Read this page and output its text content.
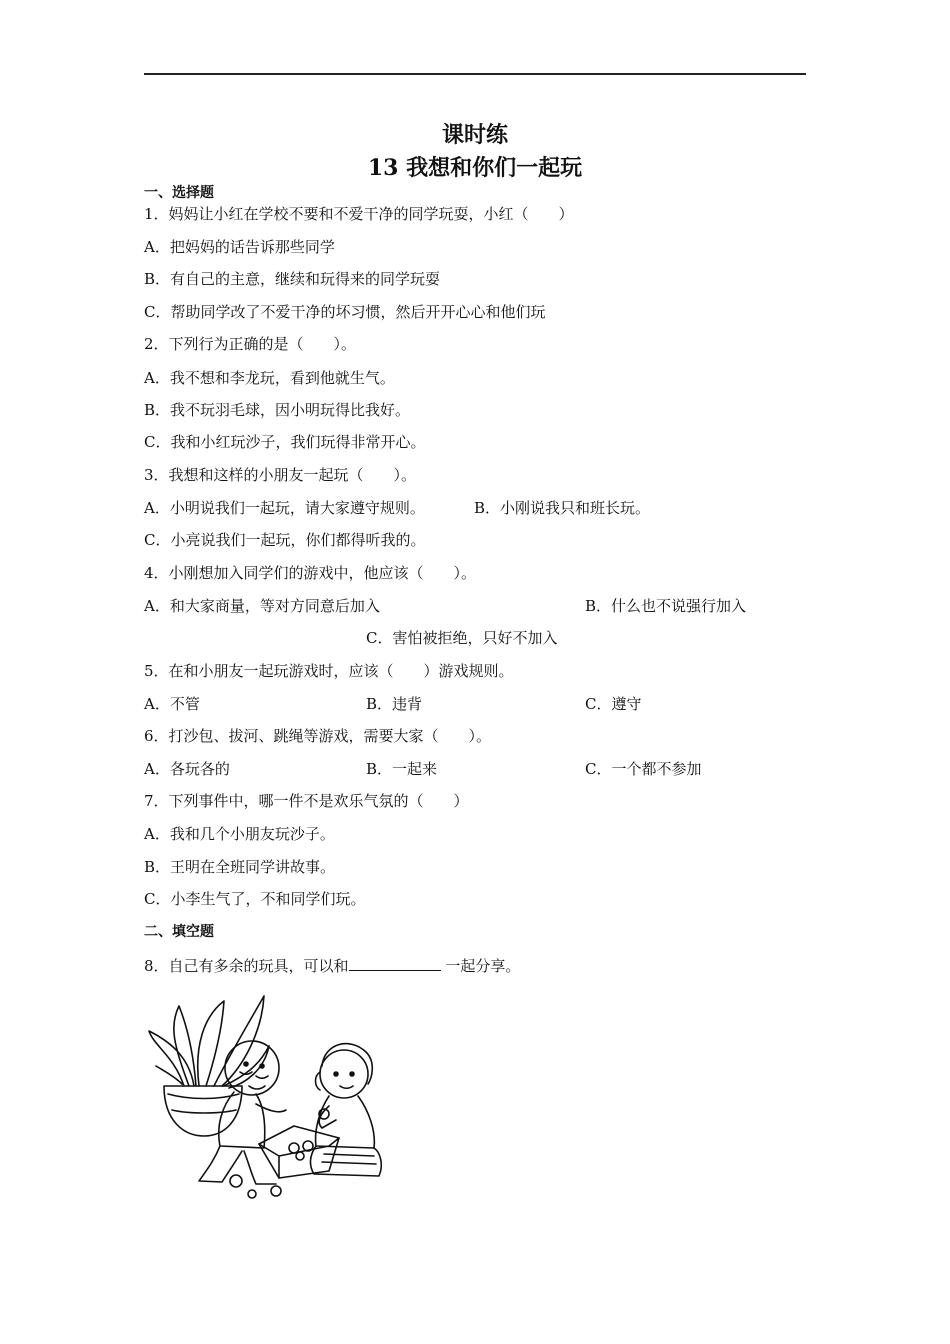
课时练
13 我想和你们一起玩
一、选择题
1．妈妈让小红在学校不要和不爱干净的同学玩耍，小红（　　）
A．把妈妈的话告诉那些同学
B．有自己的主意，继续和玩得来的同学玩耍
C．帮助同学改了不爱干净的坏习惯，然后开开心心和他们玩
2．下列行为正确的是（　　）。
A．我不想和李龙玩，看到他就生气。
B．我不玩羽毛球，因小明玩得比我好。
C．我和小红玩沙子，我们玩得非常开心。
3．我想和这样的小朋友一起玩（　　）。
A．小明说我们一起玩，请大家遵守规则。	B．小刚说我只和班长玩。
C．小亮说我们一起玩，你们都得听我的。
4．小刚想加入同学们的游戏中，他应该（　　）。
A．和大家商量，等对方同意后加入	B．什么也不说强行加入
C．害怕被拒绝，只好不加入
5．在和小朋友一起玩游戏时，应该（　　）游戏规则。
A．不管	B．违背	C．遵守
6．打沙包、拔河、跳绳等游戏，需要大家（　　）。
A．各玩各的	B．一起来	C．一个都不参加
7．下列事件中，哪一件不是欢乐气氛的（　　）
A．我和几个小朋友玩沙子。
B．王明在全班同学讲故事。
C．小李生气了，不和同学们玩。
二、填空题
8．自己有多余的玩具，可以和	一起分享。
